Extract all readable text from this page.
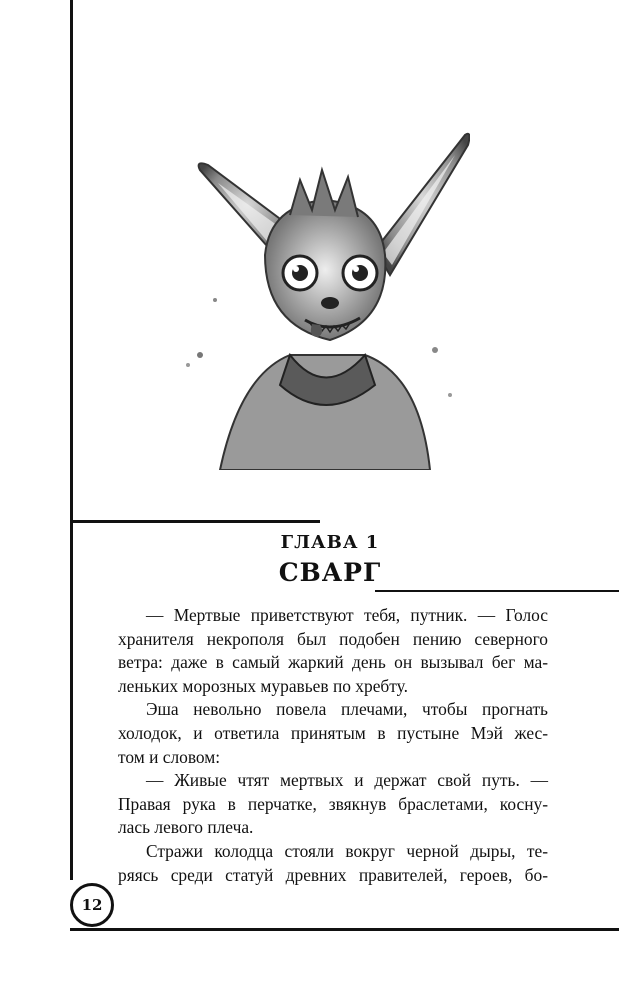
ГЛАВА 1
СВАРГ
— Мертвые приветствуют тебя, путник. — Голос
хранителя некрополя был подобен пению северного
ветра: даже в самый жаркий день он вызывал бег ма-
леньких морозных муравьев по хребту.
Эша невольно повела плечами, чтобы прогнать
холодок, и ответила принятым в пустыне Мэй жес-
том и словом:
— Живые чтят мертвых и держат свой путь. —
Правая рука в перчатке, звякнув браслетами, коснy-
лась левого плеча.
Стражи колодца стояли вокруг черной дыры, те-
ряясь среди статуй древних правителей, героев, бо-
12
